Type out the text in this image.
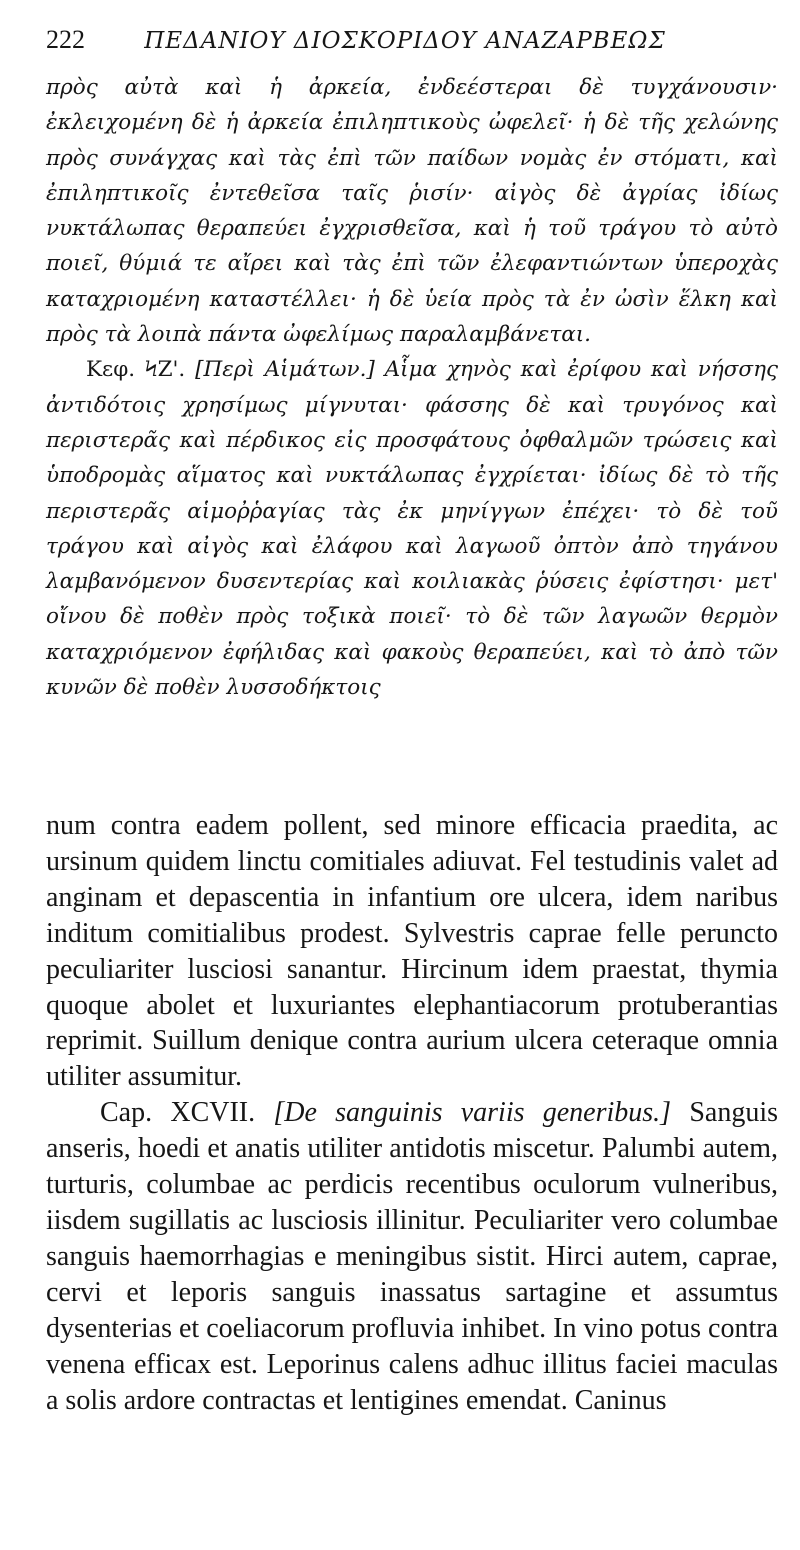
222	ΠΕΔΑΝΙΟΥ ΔΙΟΣΚΟΡΙΔΟΥ ΑΝΑΖΑΡΒΕΩΣ

πρὸς αὐτὰ καὶ ἡ ἀρκεία, ἐνδεέστεραι δὲ τυγχάνουσιν· ἐκλειχομένη δὲ ἡ ἀρκεία ἐπιληπτικοὺς ὠφελεῖ· ἡ δὲ τῆς χελώνης πρὸς συνάγχας καὶ τὰς ἐπὶ τῶν παίδων νομὰς ἐν στόματι, καὶ ἐπιληπτικοῖς ἐντεθεῖσα ταῖς ῥισίν· αἰγὸς δὲ ἀγρίας ἰδίως νυκτάλωπας θεραπεύει ἐγχρισθεῖσα, καὶ ἡ τοῦ τράγου τὸ αὐτὸ ποιεῖ, θύμιά τε αἴρει καὶ τὰς ἐπὶ τῶν ἐλεφαντιώντων ὑπεροχὰς καταχριομένη καταστέλλει· ἡ δὲ ὑεία πρὸς τὰ ἐν ὠσὶν ἕλκη καὶ πρὸς τὰ λοιπὰ πάντα ὠφελίμως παραλαμβάνεται.

Κεφ. ϞΖ'. [Περὶ Αἱμάτων.] Αἷμα χηνὸς καὶ ἐρίφου καὶ νήσσης ἀντιδότοις χρησίμως μίγνυται· φάσσης δὲ καὶ τρυγόνος καὶ περιστερᾶς καὶ πέρδικος εἰς προσφάτους ὀφθαλμῶν τρώσεις καὶ ὑποδρομὰς αἵματος καὶ νυκτάλωπας ἐγχρίεται· ἰδίως δὲ τὸ τῆς περιστερᾶς αἱμοῤῥαγίας τὰς ἐκ μηνίγγων ἐπέχει· τὸ δὲ τοῦ τράγου καὶ αἰγὸς καὶ ἐλάφου καὶ λαγωοῦ ὀπτὸν ἀπὸ τηγάνου λαμβανόμενον δυσεντερίας καὶ κοιλιακὰς ῥύσεις ἐφίστησι· μετ' οἴνου δὲ ποθὲν πρὸς τοξικὰ ποιεῖ· τὸ δὲ τῶν λαγωῶν θερμὸν καταχριόμενον ἐφήλιδας καὶ φακοὺς θεραπεύει, καὶ τὸ ἀπὸ τῶν κυνῶν δὲ ποθὲν λυσσοδήκτοις

num contra eadem pollent, sed minore efficacia praedita, ac ursinum quidem linctu comitiales adiuvat. Fel testudinis valet ad anginam et depascentia in infantium ore ulcera, idem naribus inditum comitialibus prodest. Sylvestris caprae felle peruncto peculiariter lusciosi sanantur. Hircinum idem praestat, thymia quoque abolet et luxuriantes elephantiacorum protuberantias reprimit. Suillum denique contra aurium ulcera ceteraque omnia utiliter assumitur.

Cap. XCVII. [De sanguinis variis generibus.] Sanguis anseris, hoedi et anatis utiliter antidotis miscetur. Palumbi autem, turturis, columbae ac perdicis recentibus oculorum vulneribus, iisdem sugillatis ac lusciosis illinitur. Peculiariter vero columbae sanguis haemorrhagias e meningibus sistit. Hirci autem, caprae, cervi et leporis sanguis inassatus sartagine et assumtus dysenterias et coeliacorum profluvia inhibet. In vino potus contra venena efficax est. Leporinus calens adhuc illitus faciei maculas a solis ardore contractas et lentigines emendat. Caninus
